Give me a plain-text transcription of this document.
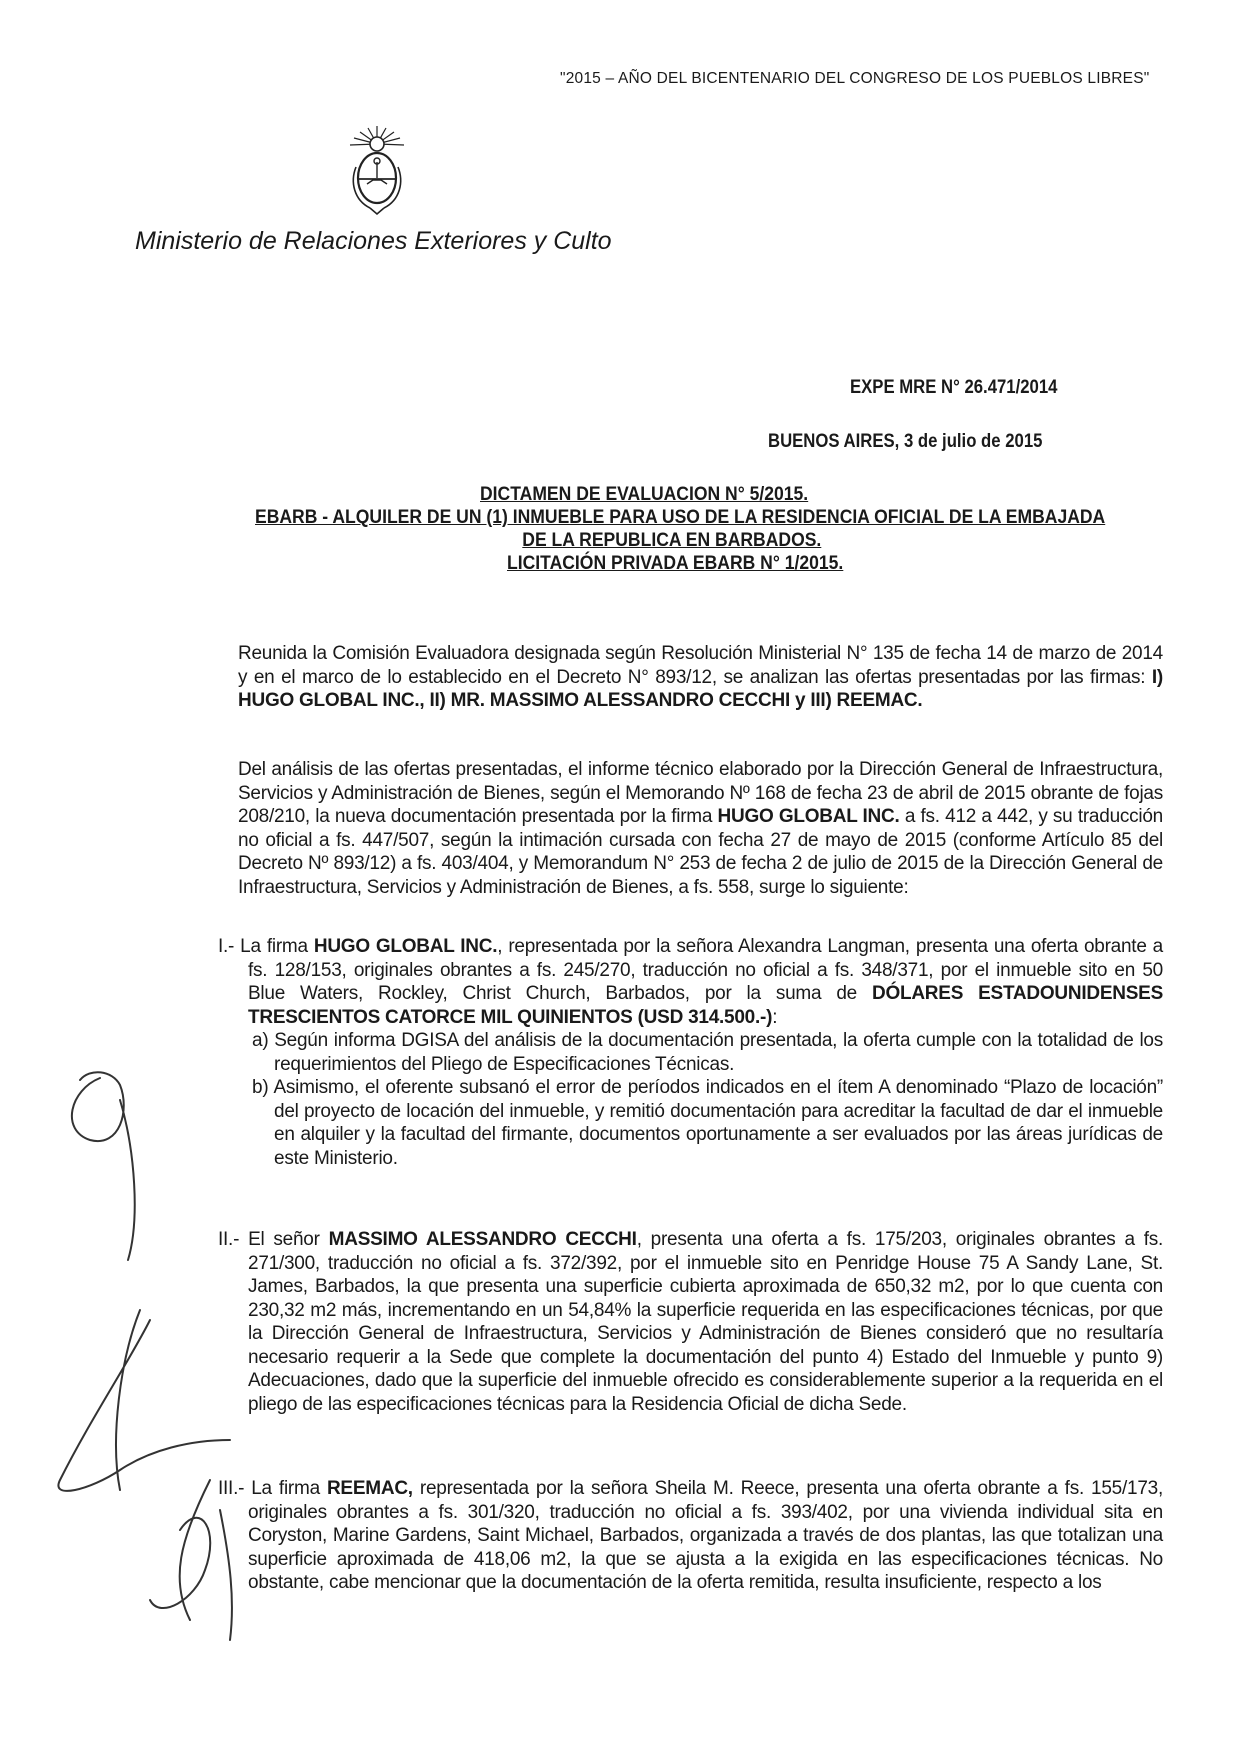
"2015 – AÑO DEL BICENTENARIO DEL CONGRESO DE LOS PUEBLOS LIBRES"
Ministerio de Relaciones Exteriores y Culto
EXPE MRE N° 26.471/2014
BUENOS AIRES, 3 de julio de 2015
DICTAMEN DE EVALUACION N° 5/2015.
EBARB - ALQUILER DE UN (1) INMUEBLE PARA USO DE LA RESIDENCIA OFICIAL DE LA EMBAJADA
DE LA REPUBLICA EN BARBADOS.
LICITACIÓN PRIVADA EBARB N° 1/2015.
Reunida la Comisión Evaluadora designada según Resolución Ministerial N° 135 de fecha 14 de marzo de 2014 y en el marco de lo establecido en el Decreto N° 893/12, se analizan las ofertas presentadas por las firmas: I) HUGO GLOBAL INC., II) MR. MASSIMO ALESSANDRO CECCHI y III) REEMAC.
Del análisis de las ofertas presentadas, el informe técnico elaborado por la Dirección General de Infraestructura, Servicios y Administración de Bienes, según el Memorando Nº 168 de fecha 23 de abril de 2015 obrante de fojas 208/210, la nueva documentación presentada por la firma HUGO GLOBAL INC. a fs. 412 a 442, y su traducción no oficial a fs. 447/507, según la intimación cursada con fecha 27 de mayo de 2015 (conforme Artículo 85 del Decreto Nº 893/12) a fs. 403/404, y Memorandum N° 253 de fecha 2 de julio de 2015 de la Dirección General de Infraestructura, Servicios y Administración de Bienes, a fs. 558, surge lo siguiente:
I.- La firma HUGO GLOBAL INC., representada por la señora Alexandra Langman, presenta una oferta obrante a fs. 128/153, originales obrantes a fs. 245/270, traducción no oficial a fs. 348/371, por el inmueble sito en 50 Blue Waters, Rockley, Christ Church, Barbados, por la suma de DÓLARES ESTADOUNIDENSES TRESCIENTOS CATORCE MIL QUINIENTOS (USD 314.500.-):
a) Según informa DGISA del análisis de la documentación presentada, la oferta cumple con la totalidad de los requerimientos del Pliego de Especificaciones Técnicas.
b) Asimismo, el oferente subsanó el error de períodos indicados en el ítem A denominado “Plazo de locación” del proyecto de locación del inmueble, y remitió documentación para acreditar la facultad de dar el inmueble en alquiler y la facultad del firmante, documentos oportunamente a ser evaluados por las áreas jurídicas de este Ministerio.
II.- El señor MASSIMO ALESSANDRO CECCHI, presenta una oferta a fs. 175/203, originales obrantes a fs. 271/300, traducción no oficial a fs. 372/392, por el inmueble sito en Penridge House 75 A Sandy Lane, St. James, Barbados, la que presenta una superficie cubierta aproximada de 650,32 m2, por lo que cuenta con 230,32 m2 más, incrementando en un 54,84% la superficie requerida en las especificaciones técnicas, por que la Dirección General de Infraestructura, Servicios y Administración de Bienes consideró que no resultaría necesario requerir a la Sede que complete la documentación del punto 4) Estado del Inmueble y punto 9) Adecuaciones, dado que la superficie del inmueble ofrecido es considerablemente superior a la requerida en el pliego de las especificaciones técnicas para la Residencia Oficial de dicha Sede.
III.- La firma REEMAC, representada por la señora Sheila M. Reece, presenta una oferta obrante a fs. 155/173, originales obrantes a fs. 301/320, traducción no oficial a fs. 393/402, por una vivienda individual sita en Coryston, Marine Gardens, Saint Michael, Barbados, organizada a través de dos plantas, las que totalizan una superficie aproximada de 418,06 m2, la que se ajusta a la exigida en las especificaciones técnicas. No obstante, cabe mencionar que la documentación de la oferta remitida, resulta insuficiente, respecto a los
